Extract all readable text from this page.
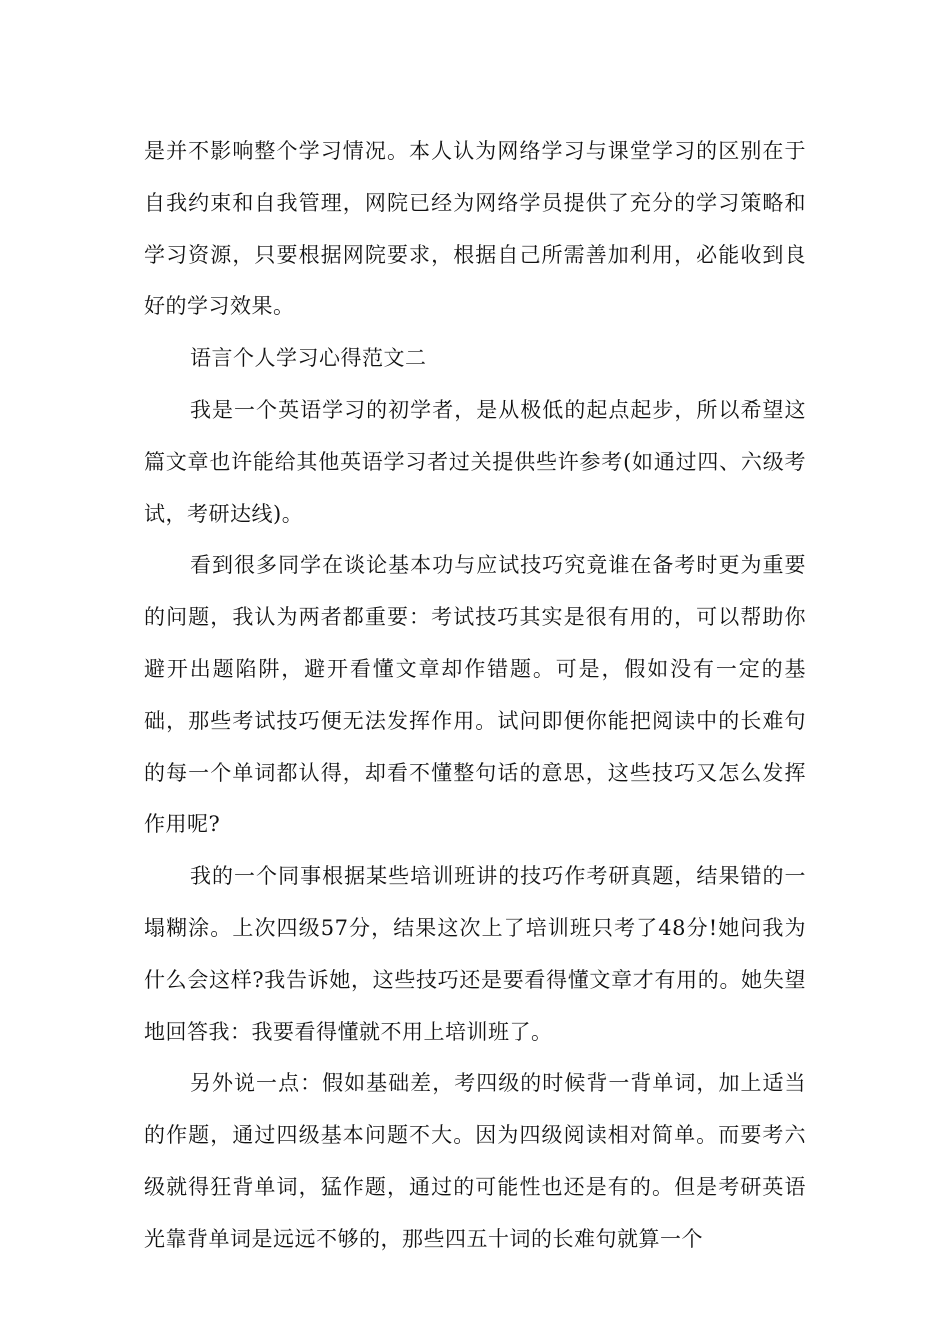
是并不影响整个学习情况。本人认为网络学习与课堂学习的区别在于自我约束和自我管理，网院已经为网络学员提供了充分的学习策略和学习资源，只要根据网院要求，根据自己所需善加利用，必能收到良好的学习效果。

语言个人学习心得范文二

我是一个英语学习的初学者，是从极低的起点起步，所以希望这篇文章也许能给其他英语学习者过关提供些许参考(如通过四、六级考试，考研达线)。

看到很多同学在谈论基本功与应试技巧究竟谁在备考时更为重要的问题，我认为两者都重要：考试技巧其实是很有用的，可以帮助你避开出题陷阱，避开看懂文章却作错题。可是，假如没有一定的基础，那些考试技巧便无法发挥作用。试问即便你能把阅读中的长难句的每一个单词都认得，却看不懂整句话的意思，这些技巧又怎么发挥作用呢?

我的一个同事根据某些培训班讲的技巧作考研真题，结果错的一塌糊涂。上次四级57分，结果这次上了培训班只考了48分!她问我为什么会这样?我告诉她，这些技巧还是要看得懂文章才有用的。她失望地回答我：我要看得懂就不用上培训班了。

另外说一点：假如基础差，考四级的时候背一背单词，加上适当的作题，通过四级基本问题不大。因为四级阅读相对简单。而要考六级就得狂背单词，猛作题，通过的可能性也还是有的。但是考研英语光靠背单词是远远不够的，那些四五十词的长难句就算一个
